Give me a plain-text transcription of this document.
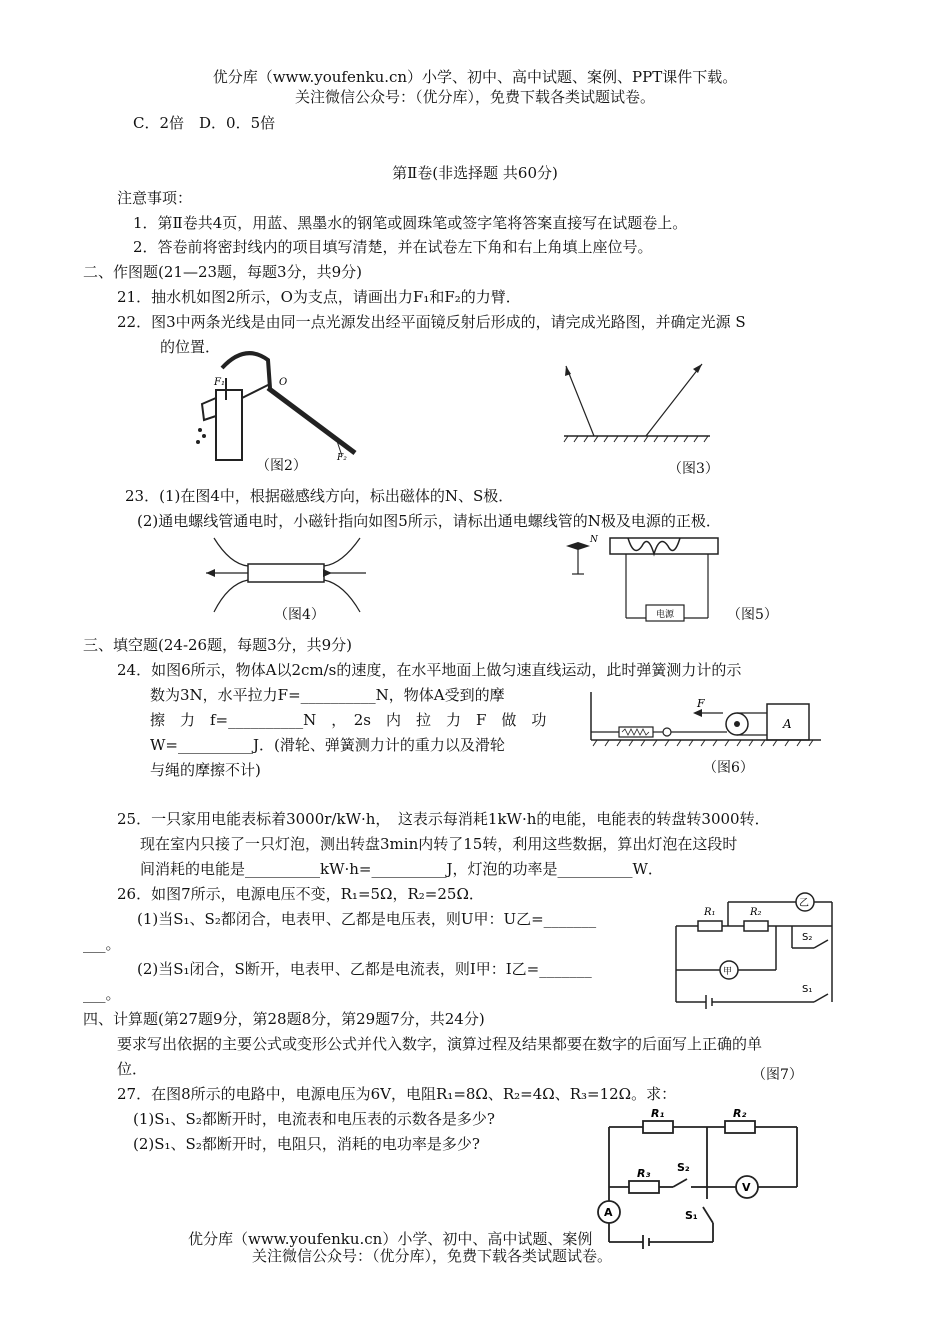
优分库（www.youfenku.cn）小学、初中、高中试题、案例、PPT课件下载。
关注微信公众号：（优分库），免费下载各类试题试卷。
C．2倍　D．0．5倍
第Ⅱ卷(非选择题 共60分)
注意事项：
1．第Ⅱ卷共4页，用蓝、黑墨水的钢笔或圆珠笔或签字笔将答案直接写在试题卷上。
2．答卷前将密封线内的项目填写清楚，并在试卷左下角和右上角填上座位号。
二、作图题(21—23题，每题3分，共9分)
21．抽水机如图2所示，O为支点，请画出力F₁和F₂的力臂．
22．图3中两条光线是由同一点光源发出经平面镜反射后形成的，请完成光路图，并确定光源 S
的位置．
F₁	O
F₂
（图2）	（图3）
23．(1)在图4中，根据磁感线方向，标出磁体的N、S极．
(2)通电螺线管通电时，小磁针指向如图5所示，请标出通电螺线管的N极及电源的正极．
（图4）	电源
N
（图5）
三、填空题(24-26题，每题3分，共9分)
24．如图6所示，物体A以2cm/s的速度，在水平地面上做匀速直线运动，此时弹簧测力计的示
数为3N，水平拉力F=__________N，物体A受到的摩
擦　力　f=__________N　，　2s　内　拉　力　F　做　功
W=__________J．(滑轮、弹簧测力计的重力以及滑轮
与绳的摩擦不计)
F
A
（图6）
25．一只家用电能表标着3000r/kW·h，　这表示每消耗1kW·h的电能，电能表的转盘转3000转．
现在室内只接了一只灯泡，测出转盘3min内转了15转，利用这些数据，算出灯泡在这段时
间消耗的电能是__________kW·h=__________J，灯泡的功率是__________W．
26．如图7所示，电源电压不变，R₁=5Ω，R₂=25Ω．
(1)当S₁、S₂都闭合，电表甲、乙都是电压表，则U甲：U乙=_______
___。
(2)当S₁闭合，S断开，电表甲、乙都是电流表，则I甲：I乙=_______
___。
R₁	R₂
乙
甲
S₂
S₁
四、计算题(第27题9分，第28题8分，第29题7分，共24分)
要求写出依据的主要公式或变形公式并代入数字，演算过程及结果都要在数字的后面写上正确的单
位．	（图7）
27．在图8所示的电路中，电源电压为6V，电阻R₁=8Ω、R₂=4Ω、R₃=12Ω。求：
(1)S₁、S₂都断开时，电流表和电压表的示数各是多少?
(2)S₁、S₂都断开时，电阻只，消耗的电功率是多少?
R₁	R₂
R₃ S₂
S₁
A
V
优分库（www.youfenku.cn）小学、初中、高中试题、案例
关注微信公众号：（优分库），免费下载各类试题试卷。
